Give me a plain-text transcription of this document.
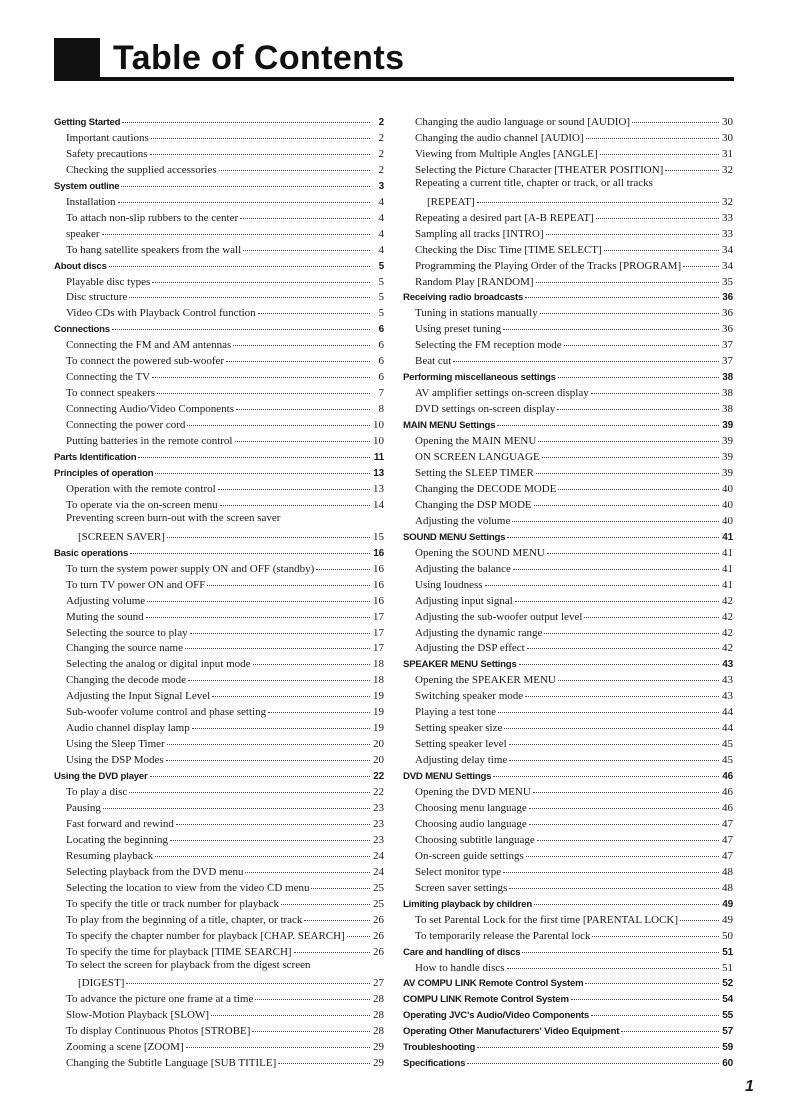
Table of Contents
Getting Started	2
Important cautions	2
Safety precautions	2
Checking the supplied accessories	2
System outline	3
Installation	4
To attach non-slip rubbers to the center	4
speaker	4
To hang satellite speakers from the wall	4
About discs	5
Playable disc types	5
Disc structure	5
Video CDs with Playback Control function	5
Connections	6
Connecting the FM and AM antennas	6
To connect the powered sub-woofer	6
Connecting the TV	6
To connect speakers	7
Connecting Audio/Video Components	8
Connecting the power cord	10
Putting batteries in the remote control	10
Parts Identification	11
Principles of operation	13
Operation with the remote control	13
To operate via the on-screen menu	14
Preventing screen burn-out with the screen saver
[SCREEN SAVER]	15
Basic operations	16
To turn the system power supply ON and OFF (standby)	16
To turn TV power ON and OFF	16
Adjusting volume	16
Muting the sound	17
Selecting the source to play	17
Changing the source name	17
Selecting the analog or digital input mode	18
Changing the decode mode	18
Adjusting the Input Signal Level	19
Sub-woofer volume control and phase setting	19
Audio channel display lamp	19
Using the Sleep Timer	20
Using the DSP Modes	20
Using the DVD player	22
To play a disc	22
Pausing	23
Fast forward and rewind	23
Locating the beginning	23
Resuming playback	24
Selecting playback from the DVD menu	24
Selecting the location to view from the video CD menu	25
To specify the title or track number for playback	25
To play from the beginning of a title, chapter, or track	26
To specify the chapter number for playback [CHAP. SEARCH]	26
To specify the time for playback [TIME SEARCH]	26
To select the screen for playback from the digest screen
[DIGEST]	27
To advance the picture one frame at a time	28
Slow-Motion Playback [SLOW]	28
To display Continuous Photos [STROBE]	28
Zooming a scene [ZOOM]	29
Changing the Subtitle Language [SUB TITILE]	29
Changing the audio language or sound [AUDIO]	30
Changing the audio channel [AUDIO]	30
Viewing from Multiple Angles [ANGLE]	31
Selecting the Picture Character [THEATER POSITION]	32
Repeating a current title, chapter or track, or all tracks
[REPEAT]	32
Repeating a desired part [A-B REPEAT]	33
Sampling all tracks [INTRO]	33
Checking the Disc Time [TIME SELECT]	34
Programming the Playing Order of the Tracks [PROGRAM]	34
Random Play [RANDOM]	35
Receiving radio broadcasts	36
Tuning in stations manually	36
Using preset tuning	36
Selecting the FM reception mode	37
Beat cut	37
Performing miscellaneous settings	38
AV amplifier settings on-screen display	38
DVD settings on-screen display	38
MAIN MENU Settings	39
Opening the MAIN MENU	39
ON SCREEN LANGUAGE	39
Setting the SLEEP TIMER	39
Changing the DECODE MODE	40
Changing the DSP MODE	40
Adjusting the volume	40
SOUND MENU Settings	41
Opening the SOUND MENU	41
Adjusting the balance	41
Using loudness	41
Adjusting input signal	42
Adjusting the sub-woofer output level	42
Adjusting the dynamic range	42
Adjusting the DSP effect	42
SPEAKER MENU Settings	43
Opening the SPEAKER MENU	43
Switching speaker mode	43
Playing a test tone	44
Setting speaker size	44
Setting speaker level	45
Adjusting delay time	45
DVD MENU Settings	46
Opening the DVD MENU	46
Choosing menu language	46
Choosing audio language	47
Choosing subtitle language	47
On-screen guide settings	47
Select monitor type	48
Screen saver settings	48
Limiting playback by children	49
To set Parental Lock for the first time [PARENTAL LOCK]	49
To temporarily release the Parental lock	50
Care and handling of discs	51
How to handle discs	51
AV COMPU LINK Remote Control System	52
COMPU LINK Remote Control System	54
Operating JVC's Audio/Video Components	55
Operating Other Manufacturers' Video Equipment	57
Troubleshooting	59
Specifications	60

1
